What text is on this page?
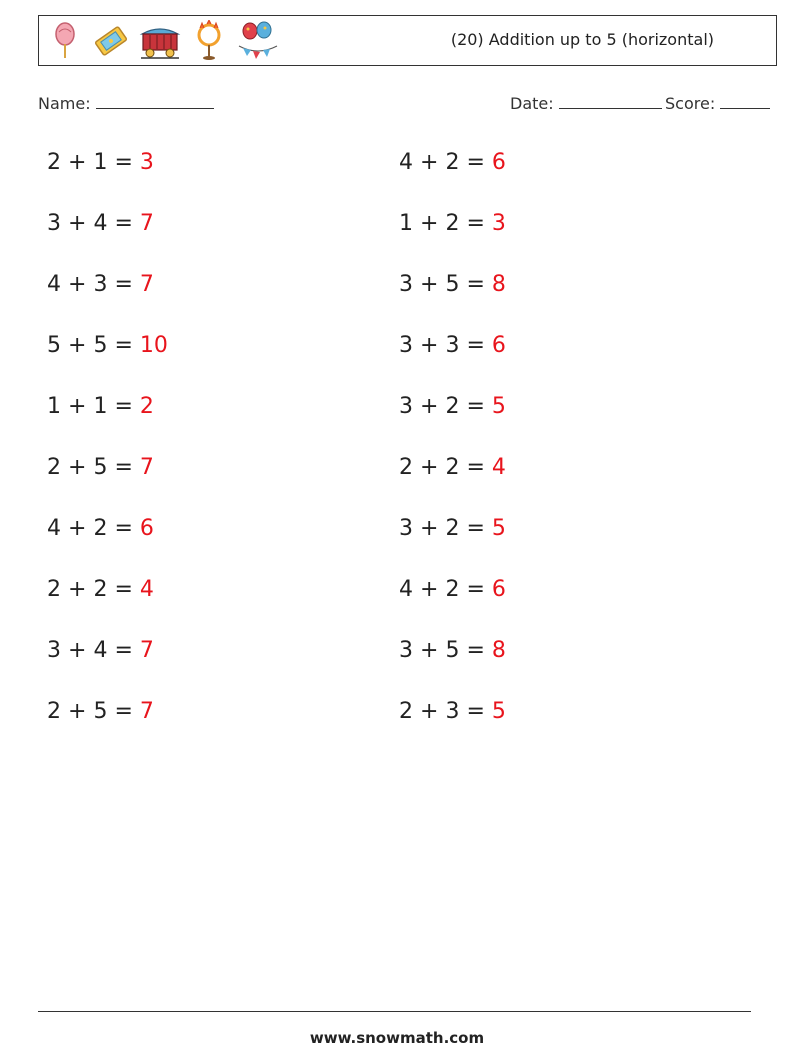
(20) Addition up to 5 (horizontal)
Name:	Date:	Score:
2 + 1 = 3
3 + 4 = 7
4 + 3 = 7
5 + 5 = 10
1 + 1 = 2
2 + 5 = 7
4 + 2 = 6
2 + 2 = 4
3 + 4 = 7
2 + 5 = 7
4 + 2 = 6
1 + 2 = 3
3 + 5 = 8
3 + 3 = 6
3 + 2 = 5
2 + 2 = 4
3 + 2 = 5
4 + 2 = 6
3 + 5 = 8
2 + 3 = 5
www.snowmath.com
